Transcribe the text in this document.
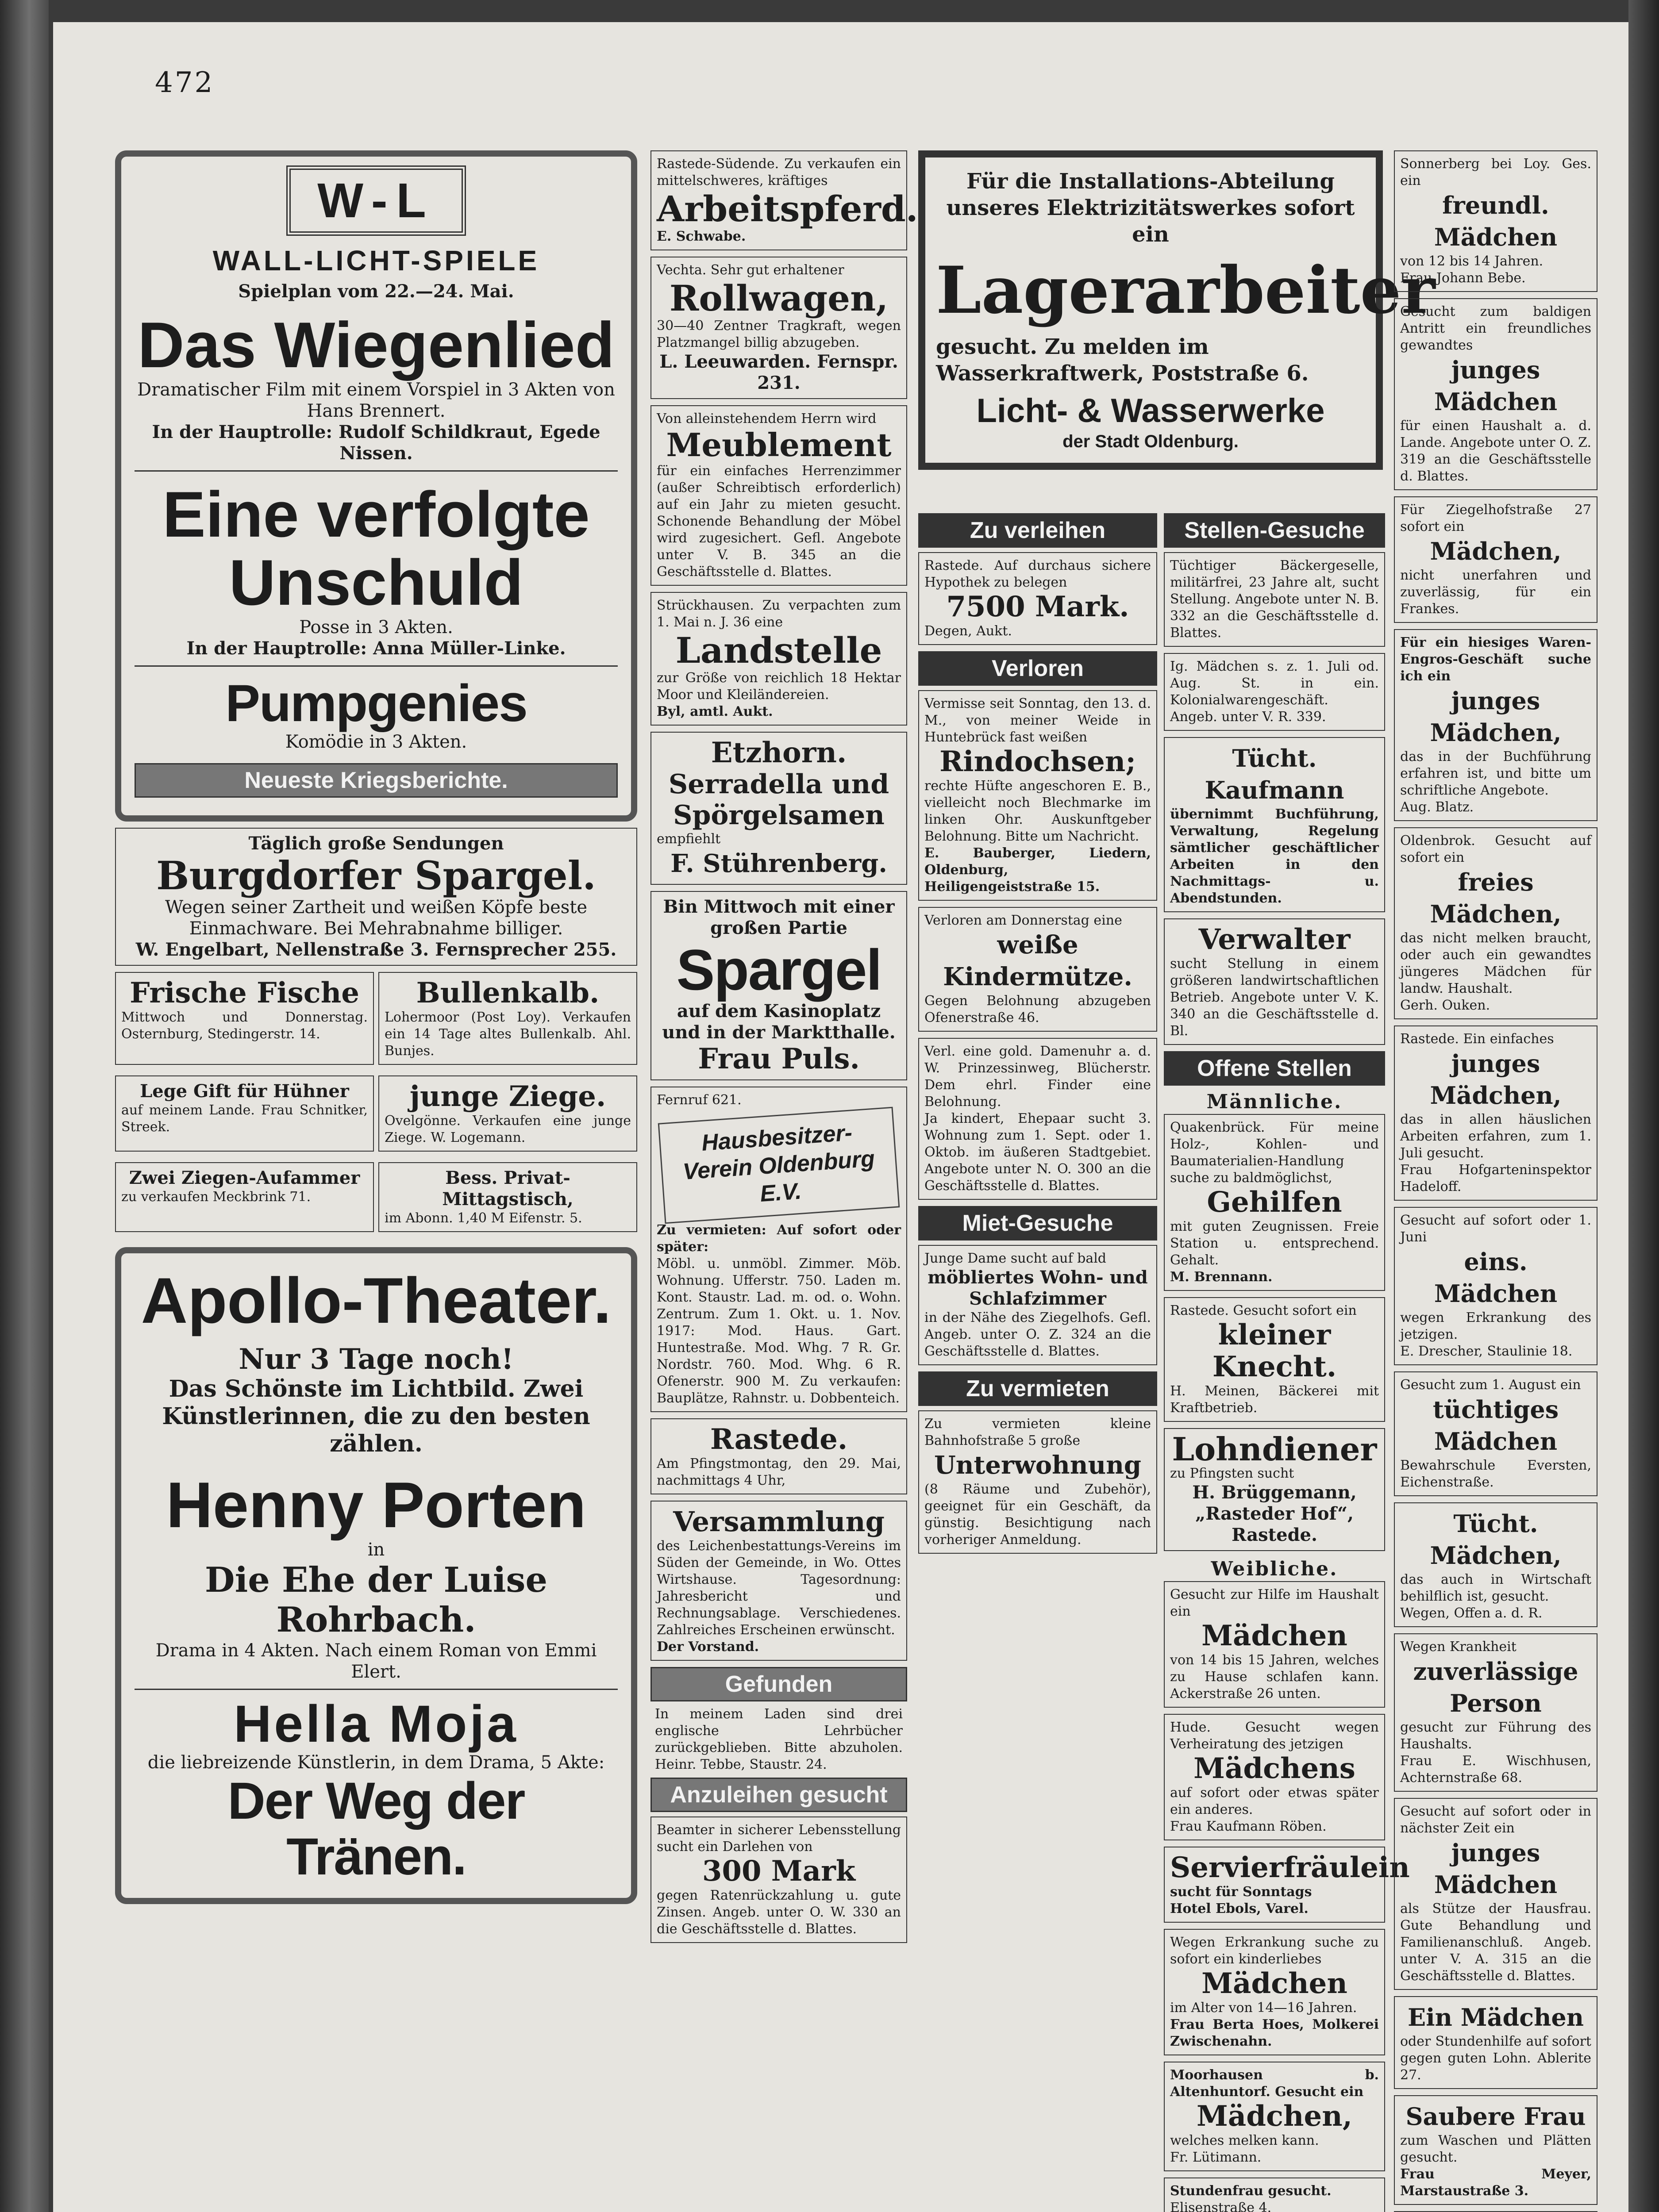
472
W-L
WALL-LICHT-SPIELE
Spielplan vom 22.—24. Mai.
Das Wiegenlied
Dramatischer Film mit einem Vorspiel in 3 Akten von Hans Brennert.
In der Hauptrolle: Rudolf Schildkraut, Egede Nissen.
Eine verfolgte Unschuld
Posse in 3 Akten.
In der Hauptrolle: Anna Müller-Linke.
Pumpgenies
Komödie in 3 Akten.
Neueste Kriegsberichte.
Täglich große Sendungen
Burgdorfer Spargel.
Wegen seiner Zartheit und weißen Köpfe beste Einmachware. Bei Mehrabnahme billiger.
W. Engelbart, Nellenstraße 3. Fernsprecher 255.
Frische Fische
Mittwoch und Donnerstag. Osternburg, Stedingerstr. 14.
Bullenkalb.
Lohermoor (Post Loy). Verkaufen ein 14 Tage altes Bullenkalb. Ahl. Bunjes.
Lege Gift für Hühner
auf meinem Lande. Frau Schnitker, Streek.
junge Ziege.
Ovelgönne. Verkaufen eine junge Ziege. W. Logemann.
Zwei Ziegen-Aufammer
zu verkaufen Meckbrink 71.
Bess. Privat-Mittagstisch,
im Abonn. 1,40 M Eifenstr. 5.
Apollo-Theater.
Nur 3 Tage noch!
Das Schönste im Lichtbild. Zwei Künstlerinnen, die zu den besten zählen.
Henny Porten
in
Die Ehe der Luise Rohrbach.
Drama in 4 Akten. Nach einem Roman von Emmi Elert.
Hella Moja
die liebreizende Künstlerin, in dem Drama, 5 Akte:
Der Weg der Tränen.
Rastede-Südende. Zu verkaufen ein mittelschweres, kräftiges
Arbeitspferd.
E. Schwabe.
Vechta. Sehr gut erhaltener
Rollwagen,
30—40 Zentner Tragkraft, wegen Platzmangel billig abzugeben.
L. Leeuwarden. Fernspr. 231.
Von alleinstehendem Herrn wird
Meublement
für ein einfaches Herrenzimmer (außer Schreibtisch erforderlich) auf ein Jahr zu mieten gesucht. Schonende Behandlung der Möbel wird zugesichert. Gefl. Angebote unter V. B. 345 an die Geschäftsstelle d. Blattes.
Strückhausen. Zu verpachten zum 1. Mai n. J. 36 eine
Landstelle
zur Größe von reichlich 18 Hektar Moor und Kleiländereien.
Byl, amtl. Aukt.
Etzhorn.
Serradella und Spörgelsamen
empfiehlt
F. Stührenberg.
Bin Mittwoch mit einer großen Partie
Spargel
auf dem Kasinoplatz und in der Marktthalle.
Frau Puls.
Fernruf 621.
Hausbesitzer-Verein Oldenburg E.V.
Zu vermieten: Auf sofort oder später:
Möbl. u. unmöbl. Zimmer. Möb. Wohnung. Ufferstr. 750. Laden m. Kont. Staustr. Lad. m. od. o. Wohn. Zentrum. Zum 1. Okt. u. 1. Nov. 1917: Mod. Haus. Gart. Huntestraße. Mod. Whg. 7 R. Gr. Nordstr. 760. Mod. Whg. 6 R. Ofenerstr. 900 M. Zu verkaufen: Bauplätze, Rahnstr. u. Dobbenteich.
Rastede.
Am Pfingstmontag, den 29. Mai, nachmittags 4 Uhr,
Versammlung
des Leichenbestattungs-Vereins im Süden der Gemeinde, in Wo. Ottes Wirtshause. Tagesordnung: Jahresbericht und Rechnungsablage. Verschiedenes. Zahlreiches Erscheinen erwünscht.
Der Vorstand.
Gefunden
In meinem Laden sind drei englische Lehrbücher zurückgeblieben. Bitte abzuholen. Heinr. Tebbe, Staustr. 24.
Anzuleihen gesucht
Beamter in sicherer Lebensstellung sucht ein Darlehen von
300 Mark
gegen Ratenrückzahlung u. gute Zinsen. Angeb. unter O. W. 330 an die Geschäftsstelle d. Blattes.
Für die Installations-Abteilung unseres Elektrizitätswerkes sofort ein
Lagerarbeiter
gesucht. Zu melden im Wasserkraftwerk, Poststraße 6.
Licht- & Wasserwerke
der Stadt Oldenburg.
Zu verleihen
Rastede. Auf durchaus sichere Hypothek zu belegen
7500 Mark.
Degen, Aukt.
Verloren
Vermisse seit Sonntag, den 13. d. M., von meiner Weide in Huntebrück fast weißen
Rindochsen;
rechte Hüfte angeschoren E. B., vielleicht noch Blechmarke im linken Ohr. Auskunftgeber Belohnung. Bitte um Nachricht.
E. Bauberger, Liedern, Oldenburg, Heiligengeiststraße 15.
Verloren am Donnerstag eine
weiße Kindermütze.
Gegen Belohnung abzugeben Ofenerstraße 46.
Verl. eine gold. Damenuhr a. d. W. Prinzessinweg, Blücherstr. Dem ehrl. Finder eine Belohnung.
Ja kindert, Ehepaar sucht 3. Wohnung zum 1. Sept. oder 1. Oktob. im äußeren Stadtgebiet. Angebote unter N. O. 300 an die Geschäftsstelle d. Blattes.
Miet-Gesuche
Junge Dame sucht auf bald
möbliertes Wohn- und Schlafzimmer
in der Nähe des Ziegelhofs. Gefl. Angeb. unter O. Z. 324 an die Geschäftsstelle d. Blattes.
Zu vermieten
Zu vermieten kleine Bahnhofstraße 5 große
Unterwohnung
(8 Räume und Zubehör), geeignet für ein Geschäft, da günstig. Besichtigung nach vorheriger Anmeldung.
Stellen-Gesuche
Tüchtiger Bäckergeselle, militärfrei, 23 Jahre alt, sucht Stellung. Angebote unter N. B. 332 an die Geschäftsstelle d. Blattes.
Ig. Mädchen s. z. 1. Juli od. Aug. St. in ein. Kolonialwarengeschäft. Angeb. unter V. R. 339.
Tücht. Kaufmann
übernimmt Buchführung, Verwaltung, Regelung sämtlicher geschäftlicher Arbeiten in den Nachmittags- u. Abendstunden.
Verwalter
sucht Stellung in einem größeren landwirtschaftlichen Betrieb. Angebote unter V. K. 340 an die Geschäftsstelle d. Bl.
Offene Stellen
Männliche.
Quakenbrück. Für meine Holz-, Kohlen- und Baumaterialien-Handlung suche zu baldmöglichst,
Gehilfen
mit guten Zeugnissen. Freie Station u. entsprechend. Gehalt.
M. Brennann.
Rastede. Gesucht sofort ein
kleiner Knecht.
H. Meinen, Bäckerei mit Kraftbetrieb.
Lohndiener
zu Pfingsten sucht
H. Brüggemann, „Rasteder Hof“, Rastede.
Weibliche.
Gesucht zur Hilfe im Haushalt ein
Mädchen
von 14 bis 15 Jahren, welches zu Hause schlafen kann. Ackerstraße 26 unten.
Hude. Gesucht wegen Verheiratung des jetzigen
Mädchens
auf sofort oder etwas später ein anderes.
Frau Kaufmann Röben.
Servierfräulein
sucht für Sonntags
Hotel Ebols, Varel.
Wegen Erkrankung suche zu sofort ein kinderliebes
Mädchen
im Alter von 14—16 Jahren.
Frau Berta Hoes, Molkerei Zwischenahn.
Moorhausen b. Altenhuntorf. Gesucht ein
Mädchen,
welches melken kann.
Fr. Lütimann.
Stundenfrau gesucht.
Elisenstraße 4.
Sonnerberg bei Loy. Ges. ein
freundl. Mädchen
von 12 bis 14 Jahren.
Frau Johann Bebe.
Gesucht zum baldigen Antritt ein freundliches gewandtes
junges Mädchen
für einen Haushalt a. d. Lande. Angebote unter O. Z. 319 an die Geschäftsstelle d. Blattes.
Für Ziegelhofstraße 27 sofort ein
Mädchen,
nicht unerfahren und zuverlässig, für ein Frankes.
Für ein hiesiges Waren-Engros-Geschäft suche ich ein
junges Mädchen,
das in der Buchführung erfahren ist, und bitte um schriftliche Angebote.
Aug. Blatz.
Oldenbrok. Gesucht auf sofort ein
freies Mädchen,
das nicht melken braucht, oder auch ein gewandtes jüngeres Mädchen für landw. Haushalt.
Gerh. Ouken.
Rastede. Ein einfaches
junges Mädchen,
das in allen häuslichen Arbeiten erfahren, zum 1. Juli gesucht.
Frau Hofgarteninspektor Hadeloff.
Gesucht auf sofort oder 1. Juni
eins. Mädchen
wegen Erkrankung des jetzigen.
E. Drescher, Staulinie 18.
Gesucht zum 1. August ein
tüchtiges Mädchen
Bewahrschule Eversten, Eichenstraße.
Tücht. Mädchen,
das auch in Wirtschaft behilflich ist, gesucht.
Wegen, Offen a. d. R.
Wegen Krankheit
zuverlässige Person
gesucht zur Führung des Haushalts.
Frau E. Wischhusen, Achternstraße 68.
Gesucht auf sofort oder in nächster Zeit ein
junges Mädchen
als Stütze der Hausfrau. Gute Behandlung und Familienanschluß. Angeb. unter V. A. 315 an die Geschäftsstelle d. Blattes.
Ein Mädchen
oder Stundenhilfe auf sofort gegen guten Lohn. Ablerite 27.
Saubere Frau
zum Waschen und Plätten gesucht.
Frau Meyer, Marstaustraße 3.
